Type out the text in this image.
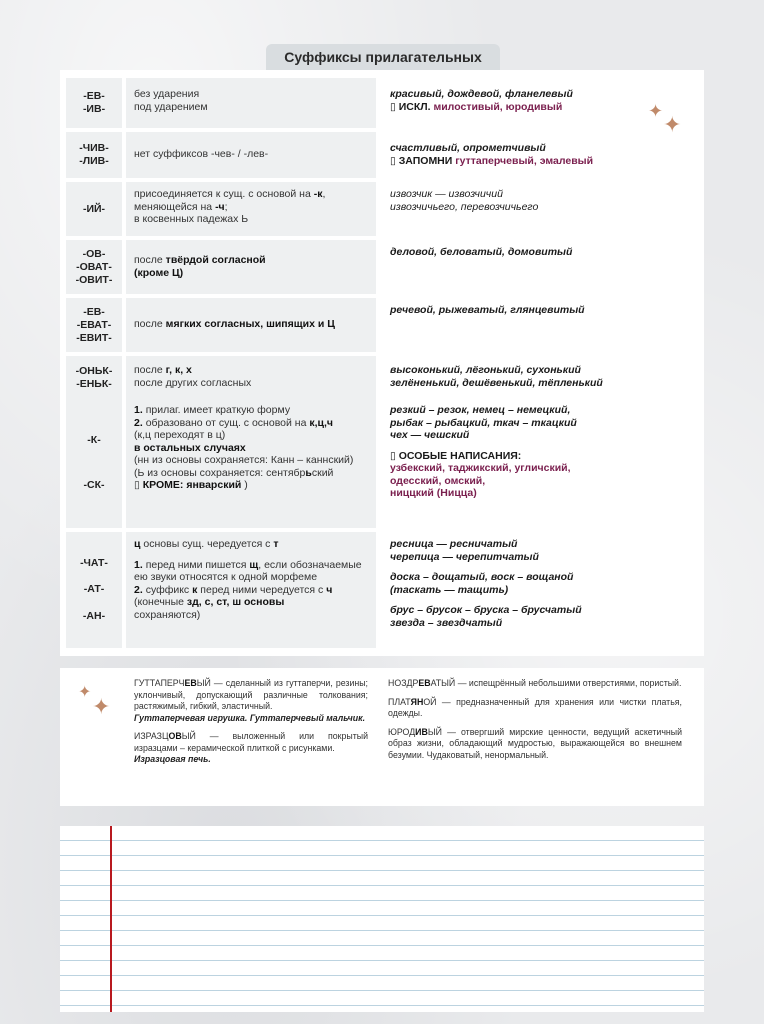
Суффиксы прилагательных
-ЕВ-
-ИВ-
без ударения
под ударением
красивый, дождевой, фланелевый
▯ ИСКЛ. милостивый, юродивый
-ЧИВ-
-ЛИВ-
нет суффиксов -чев- / -лев-	счастливый, опрометчивый
▯ ЗАПОМНИ гуттаперчевый, эмалевый
-ИЙ-
присоединяется к сущ. с основой на -к,
меняющейся на -ч;
в косвенных падежах Ь
извозчик — извозчичий
извозчичьего, перевозчичьего
-ОВ-
-ОВАТ-
-ОВИТ-
после твёрдой согласной
(кроме Ц)
деловой, беловатый, домовитый
-ЕВ-
-ЕВАТ-
-ЕВИТ-
после мягких согласных, шипящих и Ц
речевой, рыжеватый, глянцевитый
-ОНЬК-
-ЕНЬК-
после г, к, х
после других согласных
высоконький, лёгонький, сухонький
зелёненький, дешёвенький, тёпленький
-К-
-СК-
1. прилаг. имеет краткую форму
2. образовано от сущ. с основой на к,ц,ч
(к,ц переходят в ц)
в остальных случаях
(нн из основы сохраняется: Канн – каннский)
(Ь из основы сохраняется: сентябрьский
▯ КРОМЕ: январский )
резкий – резок, немец – немецкий,
рыбак – рыбацкий, ткач – ткацкий
чех — чешский
▯ ОСОБЫЕ НАПИСАНИЯ:
узбекский, таджикский, угличский,
одесский, омский,
ниццкий (Ницца)
-ЧАТ-
-АТ-
-АН-
ц основы сущ. чередуется с т
1. перед ними пишется щ, если обозначаемые ею звуки относятся к одной морфеме
2. суффикс к перед ними чередуется с ч
(конечные зд, с, ст, ш основы
сохраняются)
ресница — ресничатый
черепица — черепитчатый
доска – дощатый, воск – вощаной
(таскать — тащить)
брус – брусок – бруска – брусчатый
звезда – звездчатый
✦
✦
✦
✦

ГУТТАПЕРЧЕВЫЙ — сделанный из гуттаперчи, резины; уклончивый, допускающий различные толкования; растяжимый, гибкий, эластичный.
Гуттаперчевая игрушка. Гуттаперчевый мальчик.

ИЗРАЗЦОВЫЙ — выложенный или покрытый изразцами – керамической плиткой с рисунками.
Изразцовая печь.

НОЗДРЕВАТЫЙ — испещрённый небольшими отверстиями, пористый.

ПЛАТЯНОЙ — предназначенный для хранения или чистки платья, одежды.

ЮРОДИВЫЙ — отвергший мирские ценности, ведущий аскетичный образ жизни, обладающий мудростью, выражающейся во внешнем безумии. Чудаковатый, ненормальный.
